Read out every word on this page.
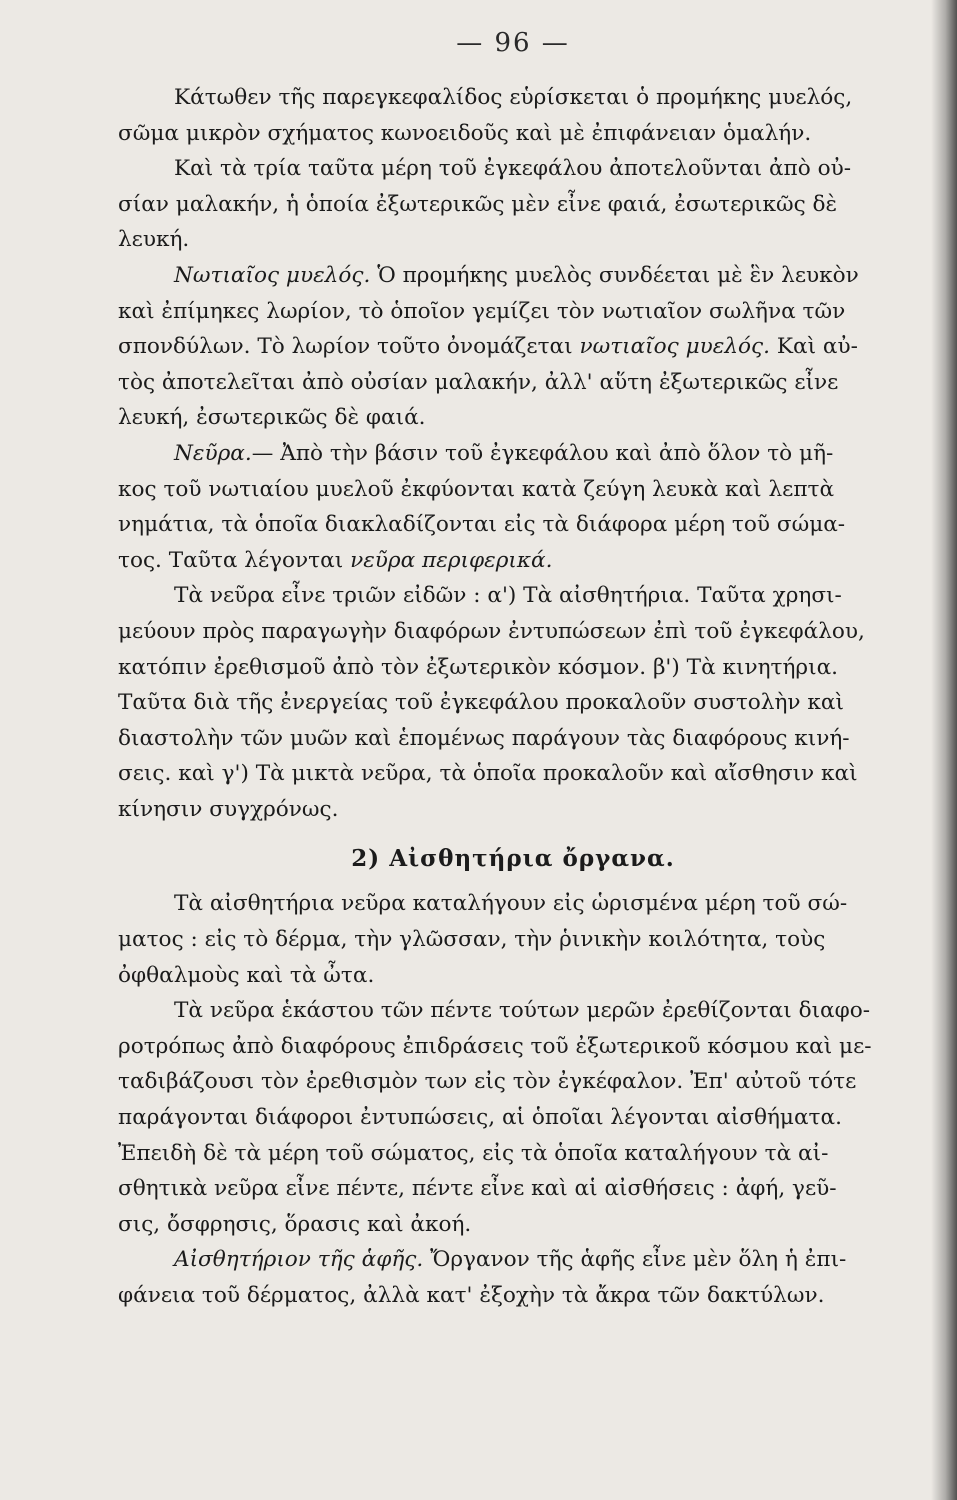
— 96 —
Κάτωθεν τῆς παρεγκεφαλίδος εὑρίσκεται ὁ προμήκης μυελός,
σῶμα μικρὸν σχήματος κωνοειδοῦς καὶ μὲ ἐπιφάνειαν ὁμαλήν.
Καὶ τὰ τρία ταῦτα μέρη τοῦ ἐγκεφάλου ἀποτελοῦνται ἀπὸ οὐ-
σίαν μαλακήν, ἡ ὁποία ἐξωτερικῶς μὲν εἶνε φαιά, ἐσωτερικῶς δὲ
λευκή.
Νωτιαῖος μυελός. Ὁ προμήκης μυελὸς συνδέεται μὲ ἓν λευκὸν
καὶ ἐπίμηκες λωρίον, τὸ ὁποῖον γεμίζει τὸν νωτιαῖον σωλῆνα τῶν
σπονδύλων. Τὸ λωρίον τοῦτο ὀνομάζεται νωτιαῖος μυελός. Καὶ αὐ-
τὸς ἀποτελεῖται ἀπὸ οὐσίαν μαλακήν, ἀλλ' αὕτη ἐξωτερικῶς εἶνε
λευκή, ἐσωτερικῶς δὲ φαιά.
Νεῦρα.— Ἀπὸ τὴν βάσιν τοῦ ἐγκεφάλου καὶ ἀπὸ ὅλον τὸ μῆ-
κος τοῦ νωτιαίου μυελοῦ ἐκφύονται κατὰ ζεύγη λευκὰ καὶ λεπτὰ
νημάτια, τὰ ὁποῖα διακλαδίζονται εἰς τὰ διάφορα μέρη τοῦ σώμα-
τος. Ταῦτα λέγονται νεῦρα περιφερικά.
Τὰ νεῦρα εἶνε τριῶν εἰδῶν : α') Τὰ αἰσθητήρια. Ταῦτα χρησι-
μεύουν πρὸς παραγωγὴν διαφόρων ἐντυπώσεων ἐπὶ τοῦ ἐγκεφάλου,
κατόπιν ἐρεθισμοῦ ἀπὸ τὸν ἐξωτερικὸν κόσμον. β') Τὰ κινητήρια.
Ταῦτα διὰ τῆς ἐνεργείας τοῦ ἐγκεφάλου προκαλοῦν συστολὴν καὶ
διαστολὴν τῶν μυῶν καὶ ἑπομένως παράγουν τὰς διαφόρους κινή-
σεις. καὶ γ') Τὰ μικτὰ νεῦρα, τὰ ὁποῖα προκαλοῦν καὶ αἴσθησιν καὶ
κίνησιν συγχρόνως.
2) Αἰσθητήρια ὄργανα.
Τὰ αἰσθητήρια νεῦρα καταλήγουν εἰς ὡρισμένα μέρη τοῦ σώ-
ματος : εἰς τὸ δέρμα, τὴν γλῶσσαν, τὴν ῥινικὴν κοιλότητα, τοὺς
ὀφθαλμοὺς καὶ τὰ ὦτα.
Τὰ νεῦρα ἑκάστου τῶν πέντε τούτων μερῶν ἐρεθίζονται διαφο-
ροτρόπως ἀπὸ διαφόρους ἐπιδράσεις τοῦ ἐξωτερικοῦ κόσμου καὶ με-
ταδιβάζουσι τὸν ἐρεθισμὸν των εἰς τὸν ἐγκέφαλον. Ἐπ' αὐτοῦ τότε
παράγονται διάφοροι ἐντυπώσεις, αἱ ὁποῖαι λέγονται αἰσθήματα.
Ἐπειδὴ δὲ τὰ μέρη τοῦ σώματος, εἰς τὰ ὁποῖα καταλήγουν τὰ αἰ-
σθητικὰ νεῦρα εἶνε πέντε, πέντε εἶνε καὶ αἱ αἰσθήσεις : ἀφή, γεῦ-
σις, ὄσφρησις, ὅρασις καὶ ἀκοή.
Αἰσθητήριον τῆς ἁφῆς. Ὄργανον τῆς ἁφῆς εἶνε μὲν ὅλη ἡ ἐπι-
φάνεια τοῦ δέρματος, ἀλλὰ κατ' ἐξοχὴν τὰ ἄκρα τῶν δακτύλων.
